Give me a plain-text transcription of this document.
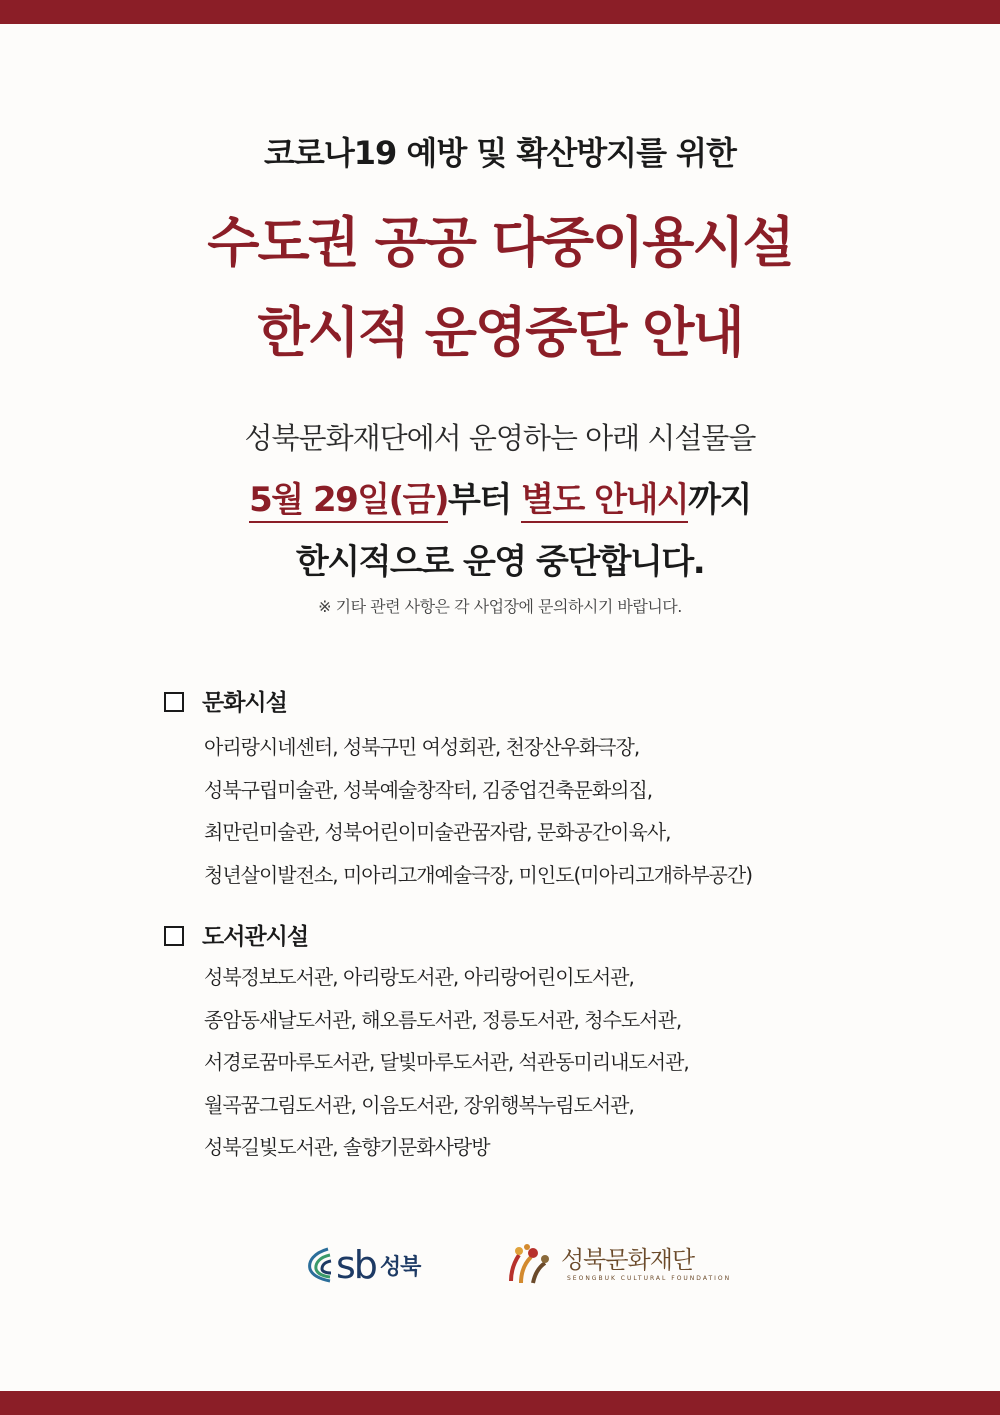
코로나19 예방 및 확산방지를 위한
수도권 공공 다중이용시설
한시적 운영중단 안내
성북문화재단에서 운영하는 아래 시설물을
5월 29일(금)부터 별도 안내시까지
한시적으로 운영 중단합니다.
※ 기타 관련 사항은 각 사업장에 문의하시기 바랍니다.
문화시설
아리랑시네센터, 성북구민 여성회관, 천장산우화극장,
성북구립미술관, 성북예술창작터, 김중업건축문화의집,
최만린미술관, 성북어린이미술관꿈자람, 문화공간이육사,
청년살이발전소, 미아리고개예술극장, 미인도(미아리고개하부공간)
도서관시설
성북정보도서관, 아리랑도서관, 아리랑어린이도서관,
종암동새날도서관, 해오름도서관, 정릉도서관, 청수도서관,
서경로꿈마루도서관, 달빛마루도서관, 석관동미리내도서관,
월곡꿈그림도서관, 이음도서관, 장위행복누림도서관,
성북길빛도서관, 솔향기문화사랑방
sb 성북	성북문화재단
SEONGBUK CULTURAL FOUNDATION
